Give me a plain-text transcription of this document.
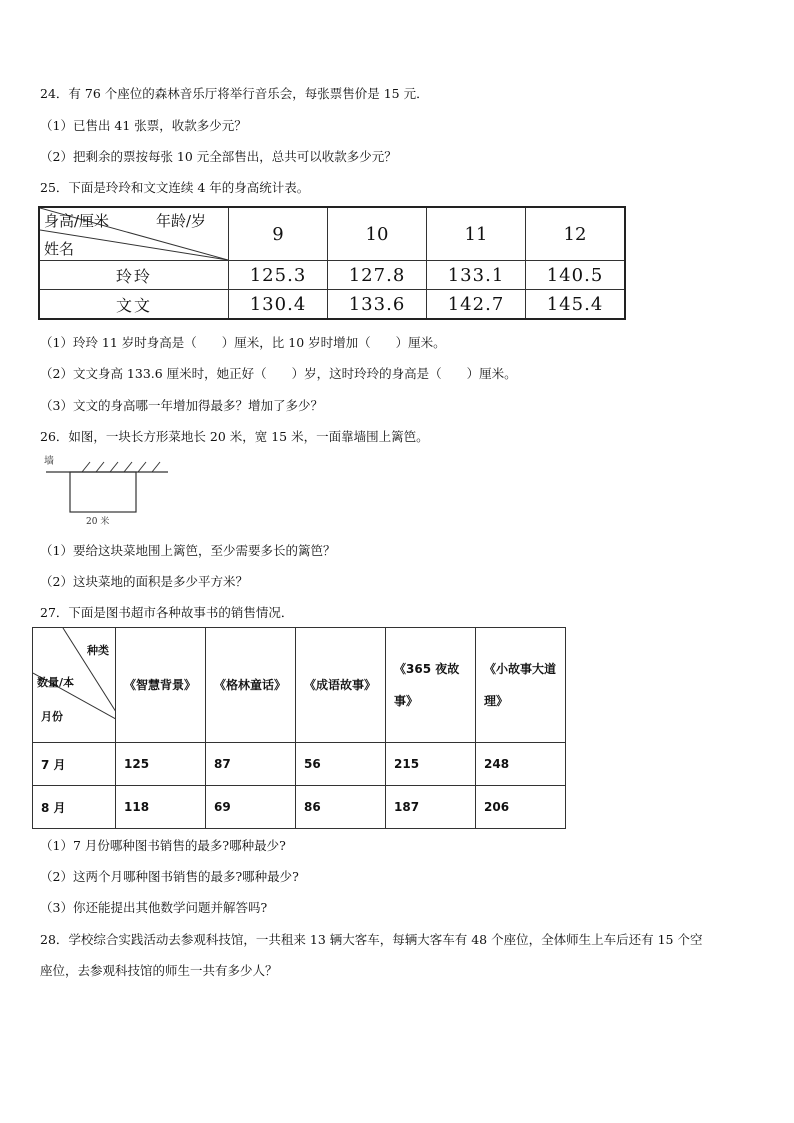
24．有 76 个座位的森林音乐厅将举行音乐会，每张票售价是 15 元．
（1）已售出 41 张票，收款多少元？
（2）把剩余的票按每张 10 元全部售出，总共可以收款多少元？
25．下面是玲玲和文文连续 4 年的身高统计表。
身高/厘米 年龄/岁
姓名	9	10	11	12
玲玲	125.3	127.8	133.1	140.5
文文	130.4	133.6	142.7	145.4
（1）玲玲 11 岁时身高是（　　）厘米，比 10 岁时增加（　　）厘米。
（2）文文身高 133.6 厘米时，她正好（　　）岁，这时玲玲的身高是（　　）厘米。
（3）文文的身高哪一年增加得最多？增加了多少？
26．如图，一块长方形菜地长 20 米，宽 15 米，一面靠墙围上篱笆。
墙
20 米
（1）要给这块菜地围上篱笆，至少需要多长的篱笆？
（2）这块菜地的面积是多少平方米？
27．下面是图书超市各种故事书的销售情况．
种类
数量/本
月份	《智慧背景》	《格林童话》	《成语故事》	《365 夜故事》	《小故事大道理》

7 月	125	87	56	215	248
8 月	118	69	86	187	206
（1）7 月份哪种图书销售的最多?哪种最少?
（2）这两个月哪种图书销售的最多?哪种最少?
（3）你还能提出其他数学问题并解答吗?
28．学校综合实践活动去参观科技馆，一共租来 13 辆大客车，每辆大客车有 48 个座位，全体师生上车后还有 15 个空
座位，去参观科技馆的师生一共有多少人？
